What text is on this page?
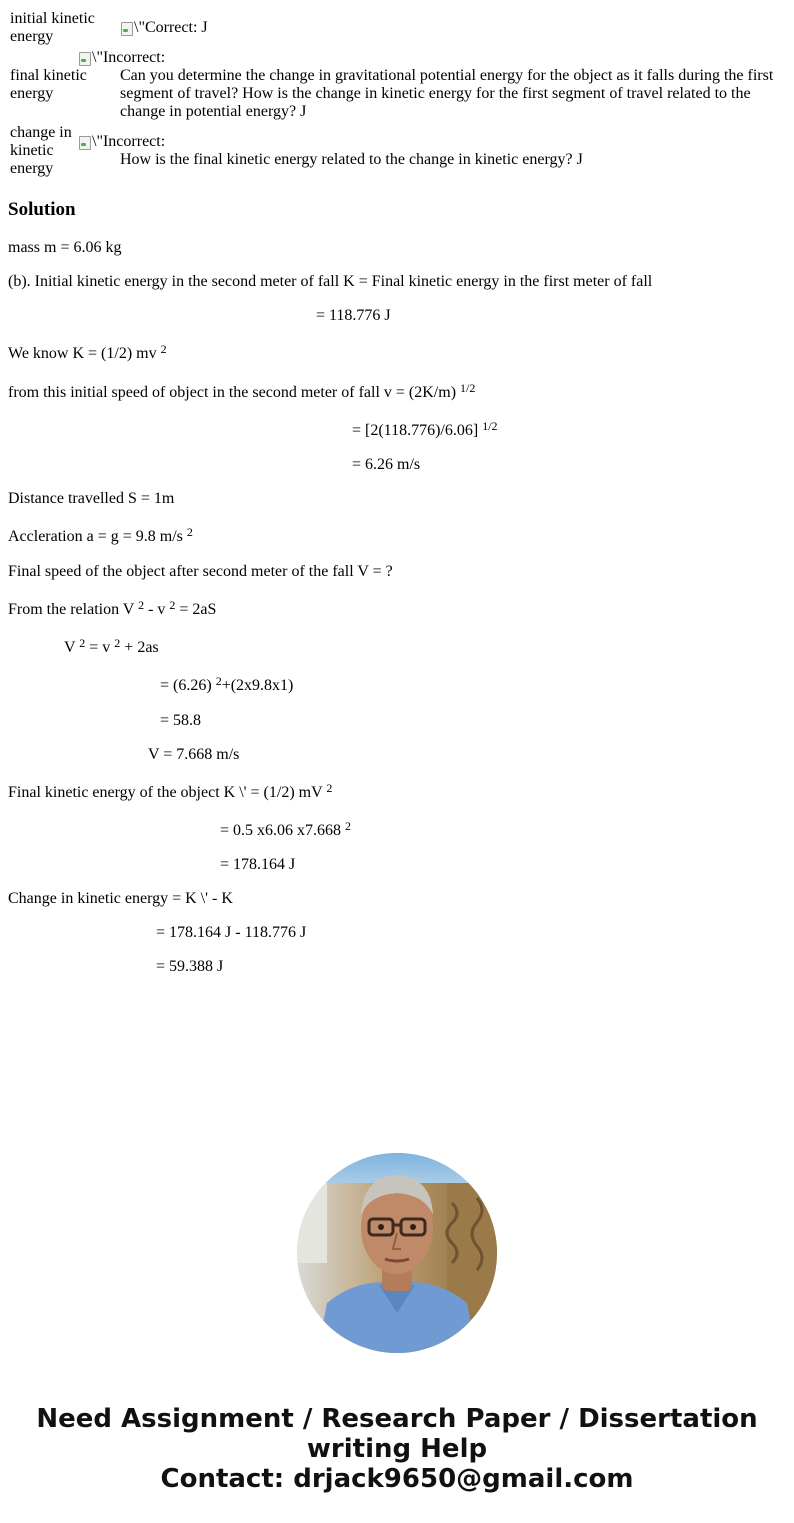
initial kinetic energy
\"Correct: J
\"Incorrect:
final kinetic energy
Can you determine the change in gravitational potential energy for the object as it falls during the first segment of travel? How is the change in kinetic energy for the first segment of travel related to the change in potential energy? J
change in kinetic energy
\"Incorrect:
How is the final kinetic energy related to the change in kinetic energy? J
Solution
mass m = 6.06 kg
(b). Initial kinetic energy in the second meter of fall K = Final kinetic energy in the first meter of fall
= 118.776 J
We know K = (1/2) mv $^2$
from this initial speed of object in the second meter of fall v = (2K/m) $^{1/2}$
= [2(118.776)/6.06] $^{1/2}$
= 6.26 m/s
Distance travelled S = 1m
Accleration a = g = 9.8 m/s $^2$
Final speed of the object after second meter of the fall V = ?
From the relation V $^2$ - v $^2$ = 2aS
V $^2$ = v $^2$ + 2as
= (6.26) $^2$+(2x9.8x1)
= 58.8
V = 7.668 m/s
Final kinetic energy of the object K \' = (1/2) mV $^2$
= 0.5 x6.06 x7.668 $^2$
= 178.164 J
Change in kinetic energy = K \' - K
= 178.164 J - 118.776 J
= 59.388 J
Need Assignment / Research Paper / Dissertation writing Help
Contact: drjack9650@gmail.com
